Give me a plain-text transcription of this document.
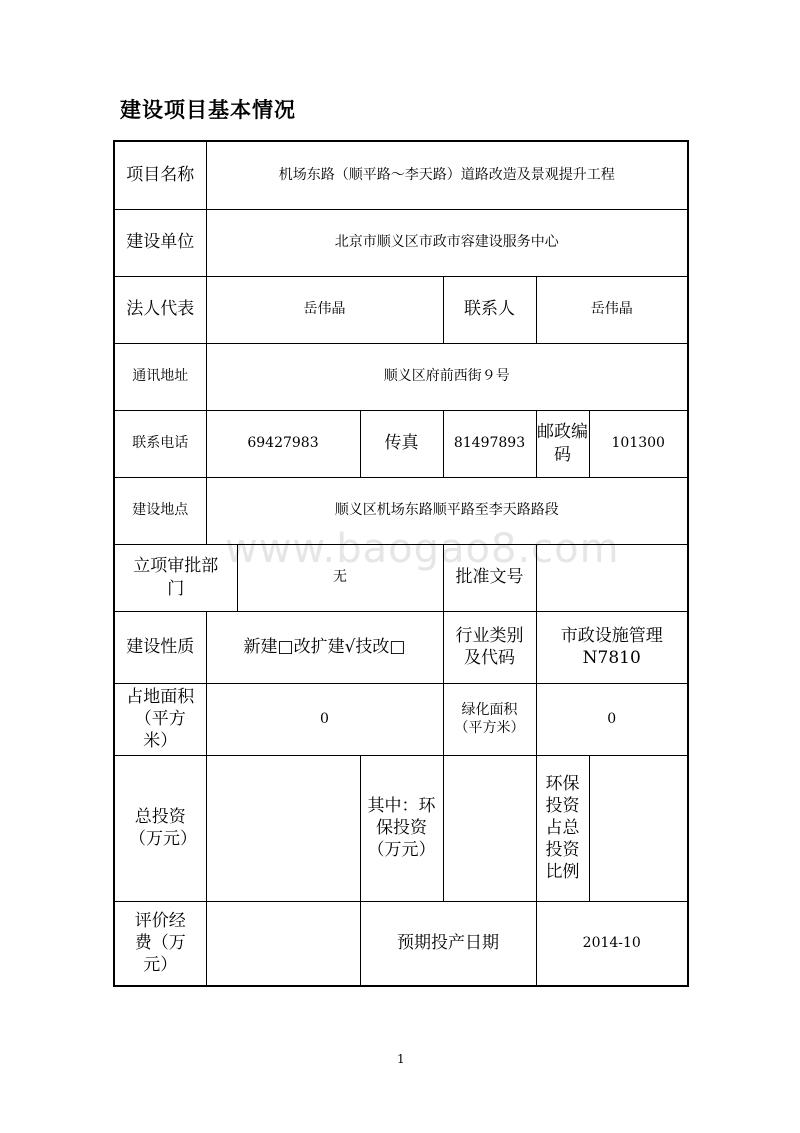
建设项目基本情况
www.baogao8.com
项目名称	机场东路（顺平路～李天路）道路改造及景观提升工程					
建设单位	北京市顺义区市政市容建设服务中心					
法人代表	岳伟晶			联系人	岳伟晶	
通讯地址	顺义区府前西街９号					
联系电话	69427983		传真	81497893	邮政编码	101300
建设地点	顺义区机场东路顺平路至李天路路段					
立项审批部门		无		批准文号		
建设性质	新建□改扩建√技改□			行业类别及代码	市政设施管理
N7810	

占地面积（平方米）	0			绿化面积（平方米）	0	
总投资（万元）			其中：环保投资（万元）		环保投资占总投资比例	
评价经费（万元）			预期投产日期		2014-10	
1
